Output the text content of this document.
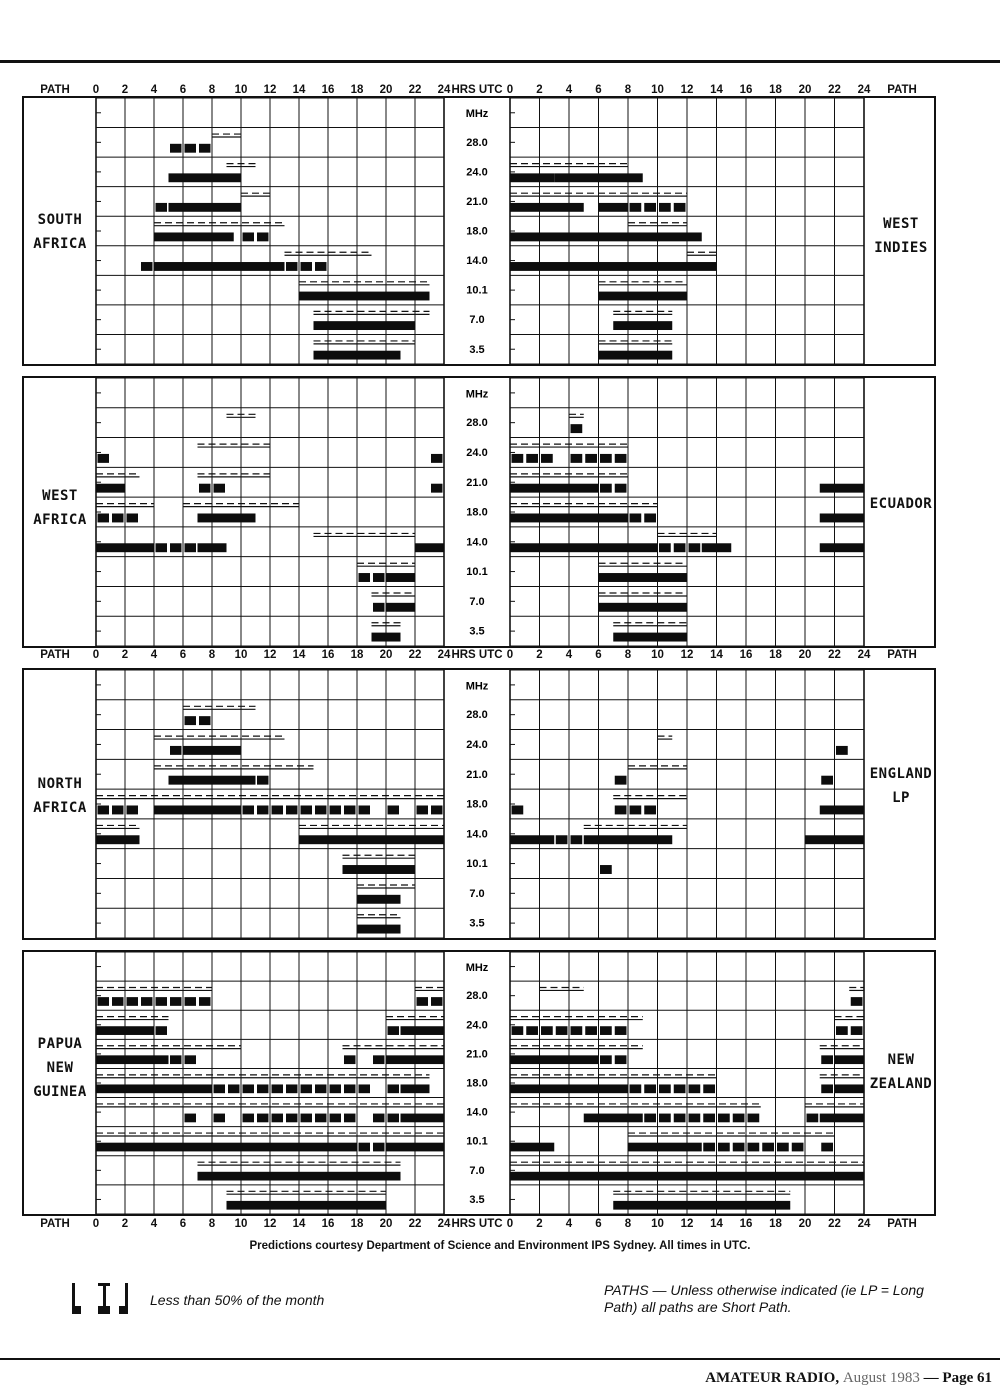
PATH 0 2 4 6 8 10 12 14 16 18 20 22 24 HRS UTC 0 2 4 6 8 10 12 14 16 18 20 22 24 PATH
PATH 0 2 4 6 8 10 12 14 16 18 20 22 24 HRS UTC 0 2 4 6 8 10 12 14 16 18 20 22 24 PATH
PATH 0 2 4 6 8 10 12 14 16 18 20 22 24 HRS UTC 0 2 4 6 8 10 12 14 16 18 20 22 24 PATH
SOUTH
AFRICA
WEST
INDIES
WEST
AFRICA
ECUADOR
NORTH
AFRICA
ENGLAND
LP
PAPUA
NEW
GUINEA
NEW
ZEALAND
MHz
28.0
24.0
21.0
18.0
14.0
10.1
7.0
3.5
MHz
28.0
24.0
21.0
18.0
14.0
10.1
7.0
3.5
MHz
28.0
24.0
21.0
18.0
14.0
10.1
7.0
3.5
MHz
28.0
24.0
21.0
18.0
14.0
10.1
7.0
3.5
Predictions courtesy Department of Science and Environment IPS Sydney. All times in UTC.
Less than 50% of the month
PATHS — Unless otherwise indicated (ie LP = Long Path) all paths are Short Path.
AMATEUR RADIO, August 1983 — Page 61
